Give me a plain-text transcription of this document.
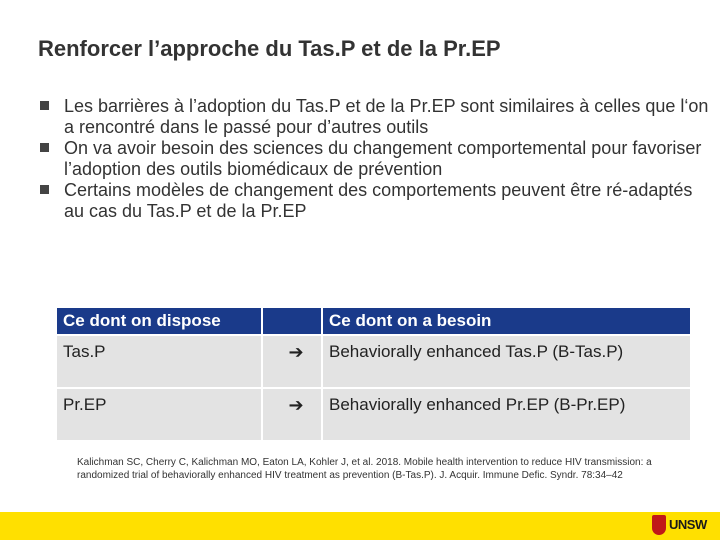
Renforcer l’approche du Tas.P et de la Pr.EP
Les barrières à l’adoption du Tas.P et de la Pr.EP sont similaires à celles que l‘on a rencontré dans le passé pour d’autres outils
On va avoir besoin des sciences du changement comportemental pour favoriser l’adoption des outils biomédicaux de prévention
Certains modèles de changement des comportements peuvent être ré-adaptés au cas du Tas.P et de la Pr.EP
Ce dont on dispose		Ce dont on a besoin

Tas.P	➔	Behaviorally enhanced Tas.P (B-Tas.P)

Pr.EP	➔	Behaviorally enhanced Pr.EP (B-Pr.EP)
Kalichman SC, Cherry C, Kalichman MO, Eaton LA, Kohler J, et al. 2018. Mobile health intervention to reduce HIV transmission: a randomized trial of behaviorally enhanced HIV treatment as prevention (B-Tas.P). J. Acquir. Immune Defic. Syndr. 78:34–42
UNSW
